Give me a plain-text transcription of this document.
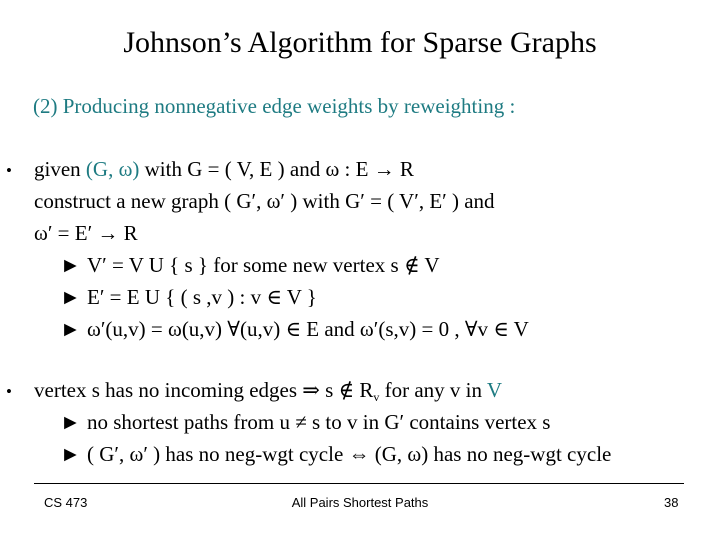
Johnson’s Algorithm for Sparse Graphs
(2) Producing nonnegative edge weights by reweighting :
• given (G, ω) with G = ( V, E ) and ω : E → R
construct a new graph ( G′, ω′ ) with G′ = ( V′, E′ ) and
ω′ = E′ → R
► V′ = V U { s } for some new vertex s ∉ V
► E′ = E U { ( s ,v ) : v ∈ V }
► ω′(u,v) = ω(u,v) ∀(u,v) ∈ E and ω′(s,v) = 0 , ∀v ∈ V
• vertex s has no incoming edges ⇒ s ∉ $R_v$ for any v in V
► no shortest paths from u ≠ s to v in G′ contains vertex s
► ( G′, ω′ ) has no neg-wgt cycle ⇔ (G, ω) has no neg-wgt cycle
CS 473	All Pairs Shortest Paths	38
